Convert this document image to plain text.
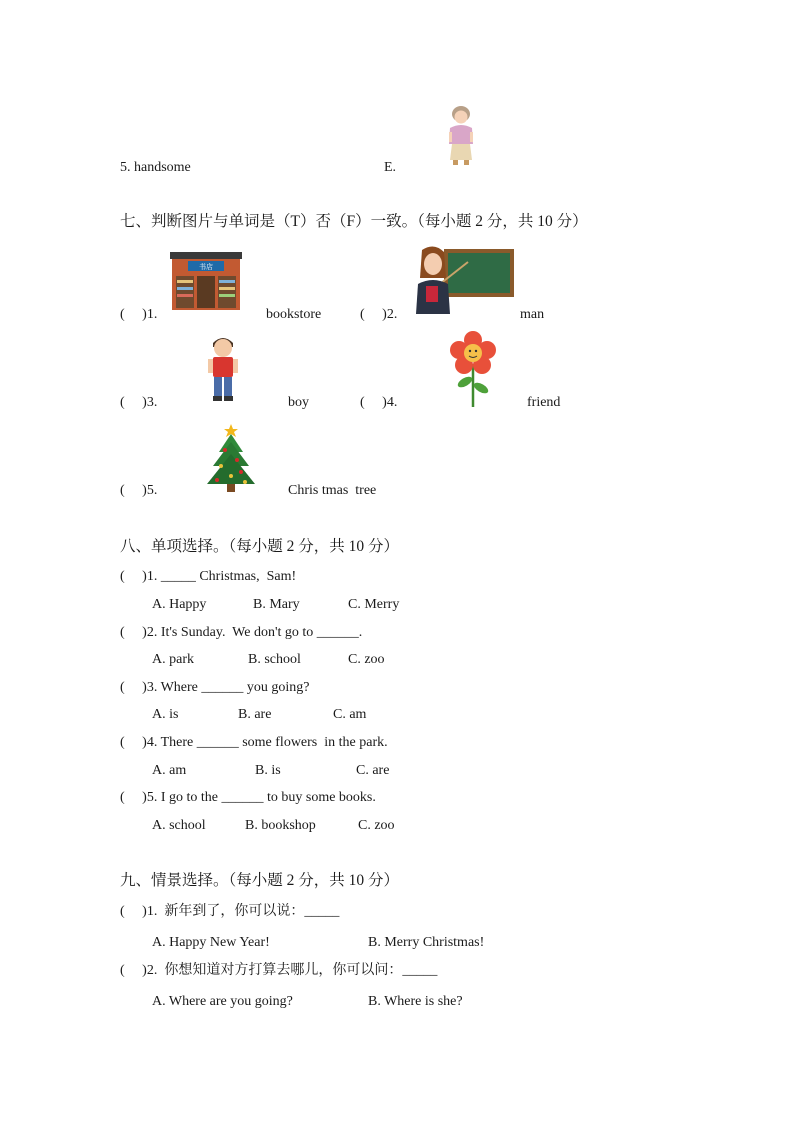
5. handsome	E.
七、判断图片与单词是（T）否（F）一致。（每小题 2 分，共 10 分）
书店
(     )1.	bookstore	(     )2.	man
(     )3.	boy	(     )4.	friend
(     )5.	Chris tmas  tree
八、单项选择。（每小题 2 分，共 10 分）
(     )1. _____ Christmas,  Sam!
A. Happy	B. Mary	C. Merry
(     )2. It's Sunday.  We don't go to ______.
A. park	B. school	C. zoo
(     )3. Where ______ you going?
A. is	B. are	C. am
(     )4. There ______ some flowers  in the park.
A. am	B. is	C. are
(     )5. I go to the ______ to buy some books.
A. school	B. bookshop	C. zoo
九、情景选择。（每小题 2 分，共 10 分）
(     )1.  新年到了，你可以说：_____
A. Happy New Year!	B. Merry Christmas!
(     )2.  你想知道对方打算去哪儿，你可以问：_____
A. Where are you going?	B. Where is she?
